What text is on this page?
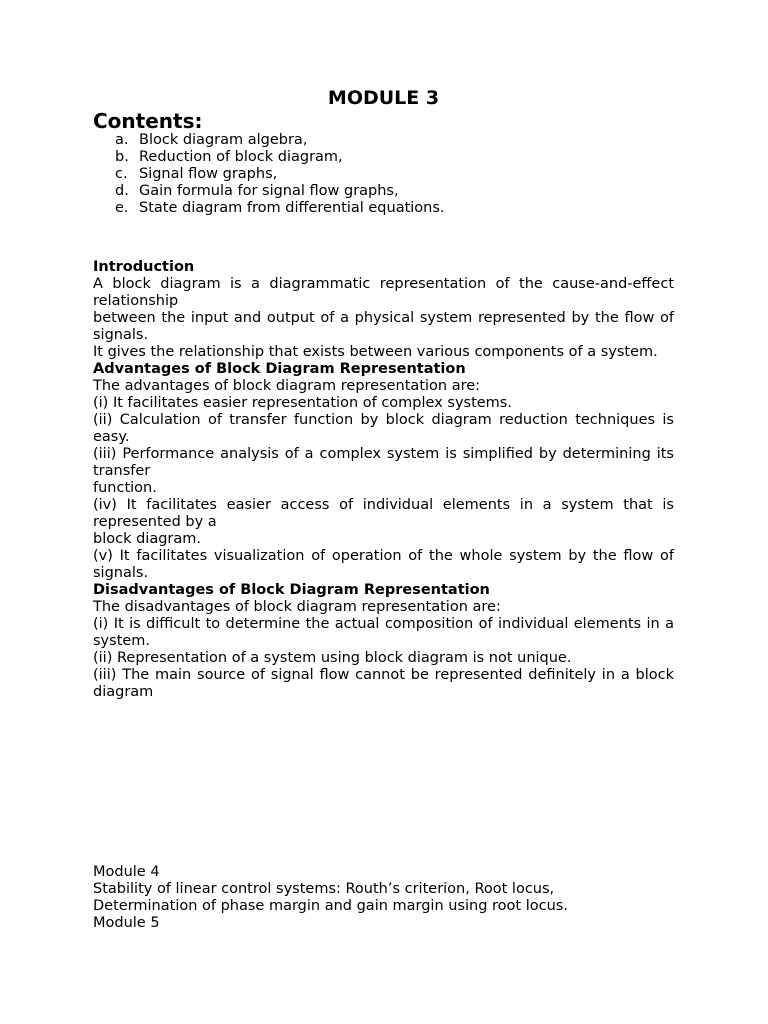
MODULE 3
Contents:
a. Block diagram algebra,
b. Reduction of block diagram,
c. Signal flow graphs,
d. Gain formula for signal flow graphs,
e. State diagram from differential equations.
Introduction
A block diagram is a diagrammatic representation of the cause-and-effect relationship
between the input and output of a physical system represented by the flow of signals.
It gives the relationship that exists between various components of a system.
Advantages of Block Diagram Representation
The advantages of block diagram representation are:
(i) It facilitates easier representation of complex systems.
(ii) Calculation of transfer function by block diagram reduction techniques is easy.
(iii) Performance analysis of a complex system is simplified by determining its transfer
function.
(iv) It facilitates easier access of individual elements in a system that is represented by a
block diagram.
(v) It facilitates visualization of operation of the whole system by the flow of signals.
Disadvantages of Block Diagram Representation
The disadvantages of block diagram representation are:
(i) It is difficult to determine the actual composition of individual elements in a system.
(ii) Representation of a system using block diagram is not unique.
(iii) The main source of signal flow cannot be represented definitely in a block diagram
Module 4
Stability of linear control systems: Routh’s criterion, Root locus,
Determination of phase margin and gain margin using root locus.
Module 5
